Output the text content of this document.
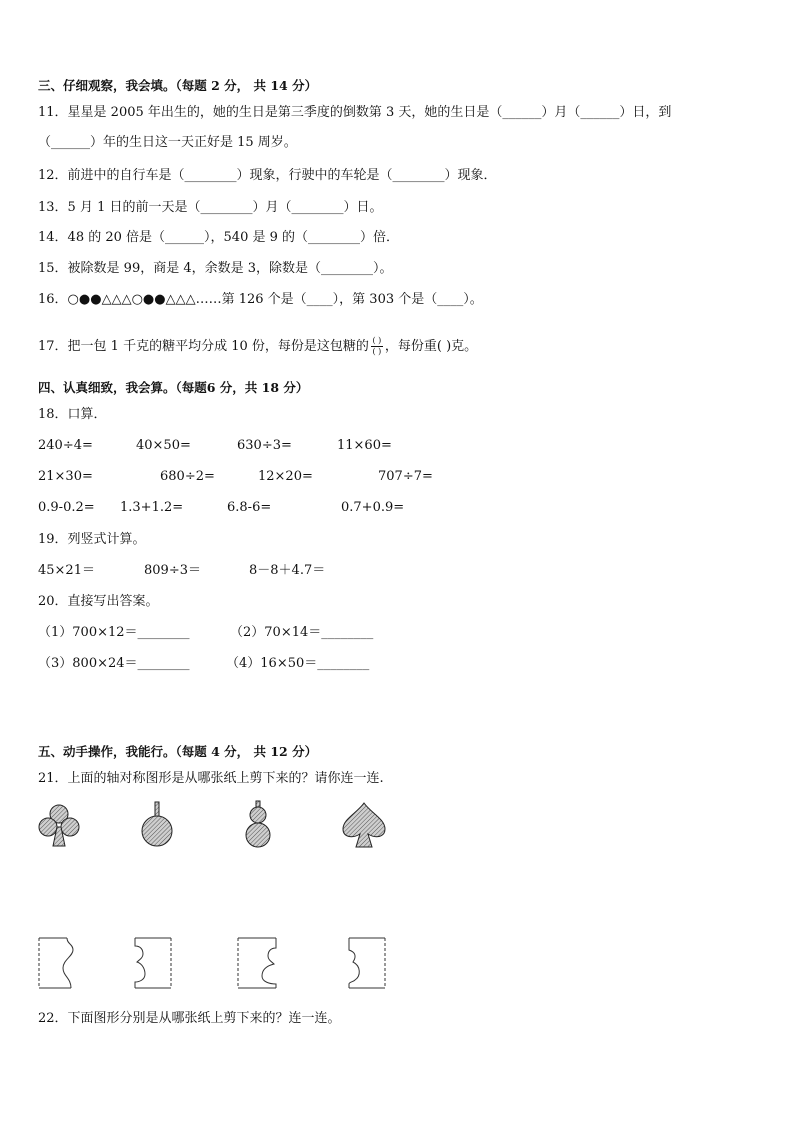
三、仔细观察，我会填。（每题 2 分， 共 14 分）
11．星星是 2005 年出生的，她的生日是第三季度的倒数第 3 天，她的生日是（______）月（______）日，到
（______）年的生日这一天正好是 15 周岁。
12．前进中的自行车是（________）现象，行驶中的车轮是（________）现象．
13．5 月 1 日的前一天是（________）月（________）日。
14．48 的 20 倍是（______），540 是 9 的（________）倍．
15．被除数是 99，商是 4，余数是 3，除数是（________）。
16．○●●△△△○●●△△△……第 126 个是（____），第 303 个是（____）。
17．把一包 1 千克的糖平均分成 10 份，每份是这包糖的 $\frac{( )}{( )}$ ，每份重( )克。
四、认真细致，我会算。（每题6 分，共 18 分）
18．口算．
240÷4=	40×50=	630÷3=	11×60=
21×30=	680÷2=	12×20=	707÷7=
0.9-0.2= 1.3+1.2=	6.8-6=	0.7+0.9=
19．列竖式计算。
45×21＝	809÷3＝	8－8＋4.7＝
20．直接写出答案。
（1）700×12＝________	（2）70×14＝________
（3）800×24＝________	（4）16×50＝________
五、动手操作，我能行。（每题 4 分， 共 12 分）
21．上面的轴对称图形是从哪张纸上剪下来的？请你连一连.
22．下面图形分别是从哪张纸上剪下来的？连一连。
